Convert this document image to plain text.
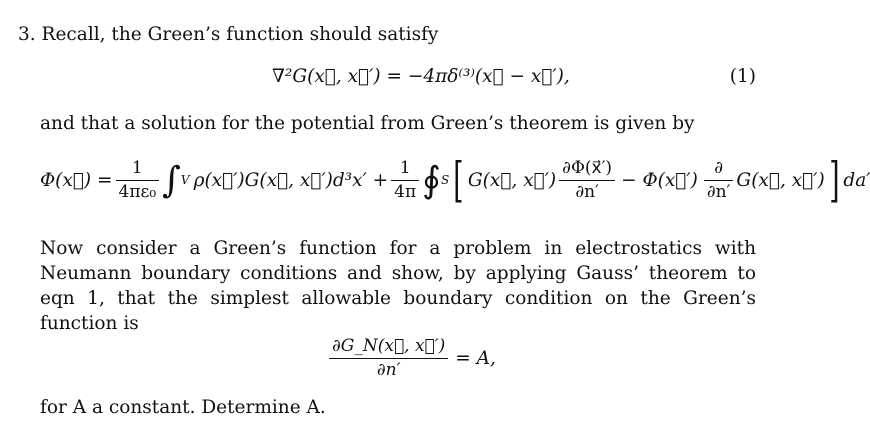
3. Recall, the Green’s function should satisfy
∇²G(x⃗, x⃗′) = −4πδ⁽³⁾(x⃗ − x⃗′),	(1)
and that a solution for the potential from Green’s theorem is given by
Φ(x⃗) = $\frac{1}{\text{4πε₀}}$ ∫ V ρ(x⃗′)G(x⃗, x⃗′)d³x′ + $\frac{1}{4\pi}$ ∮ S [ G(x⃗, x⃗′) $\frac{\partial\Phi(x⃗')}{\partial n'}$ − Φ(x⃗′) $\frac{\partial}{\partial n'}$ G(x⃗, x⃗′) ] da′
Now consider a Green’s function for a problem in electrostatics with Neumann boundary conditions and show, by applying Gauss’ theorem to eqn 1, that the simplest allowable boundary condition on the Green’s function is
$\frac{\partial G\_N(x⃗, x⃗')}{\partial n'} = A$,
for A a constant. Determine A.
